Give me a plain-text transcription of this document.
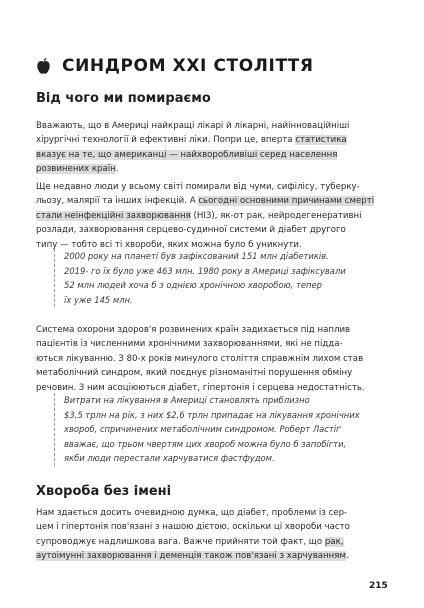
СИНДРОМ XXI СТОЛІТТЯ
Від чого ми помираємо
Вважають, що в Америці найкращі лікарі й лікарні, найінноваційніші
хірургічні технології й ефективні ліки. Попри це, вперта статистика
вказує на те, що американці — найхворобливіші серед населення
розвинених країн.
Ще недавно люди у всьому світі помирали від чуми, сифілісу, туберку-
льозу, малярії та інших інфекцій. А сьогодні основними причинами смерті
стали неінфекційні захворювання (НІЗ), як-от рак, нейродегенеративні
розлади, захворювання серцево-судинної системи й діабет другого
типу — тобто всі ті хвороби, яких можна було б уникнути.
2000 року на планеті був зафіксований 151 млн діабетиків.
2019- го їх було уже 463 млн. 1980 року в Америці зафіксували
52 млн людей хоча б з однією хронічною хворобою, тепер
їх уже 145 млн.
Система охорони здоров'я розвинених країн задихається під наплив
пацієнтів із численними хронічними захворюваннями, які не підда-
ються лікуванню. З 80-х років минулого століття справжнім лихом став
метаболічний синдром, який поєднує різноманітні порушення обміну
речовин. З ним асоціюються діабет, гіпертонія і серцева недостатність.
Витрати на лікування в Америці становлять приблизно
$3,5 трлн на рік, з них $2,6 трлн припадає на лікування хронічних
хвороб, спричинених метаболічним синдромом. Роберт Ластіґ
вважає, що трьом чвертям цих хвороб можна було б запобігти,
якби люди перестали харчуватися фастфудом.
Хвороба без імені
Нам здається досить очевидною думка, що діабет, проблеми із сер-
цем і гіпертонія пов'язані з нашою дієтою, оскільки ці хвороби часто
супроводжує надлишкова вага. Важче прийняти той факт, що рак,
аутоімунні захворювання і деменція також пов'язані з харчуванням.
215
